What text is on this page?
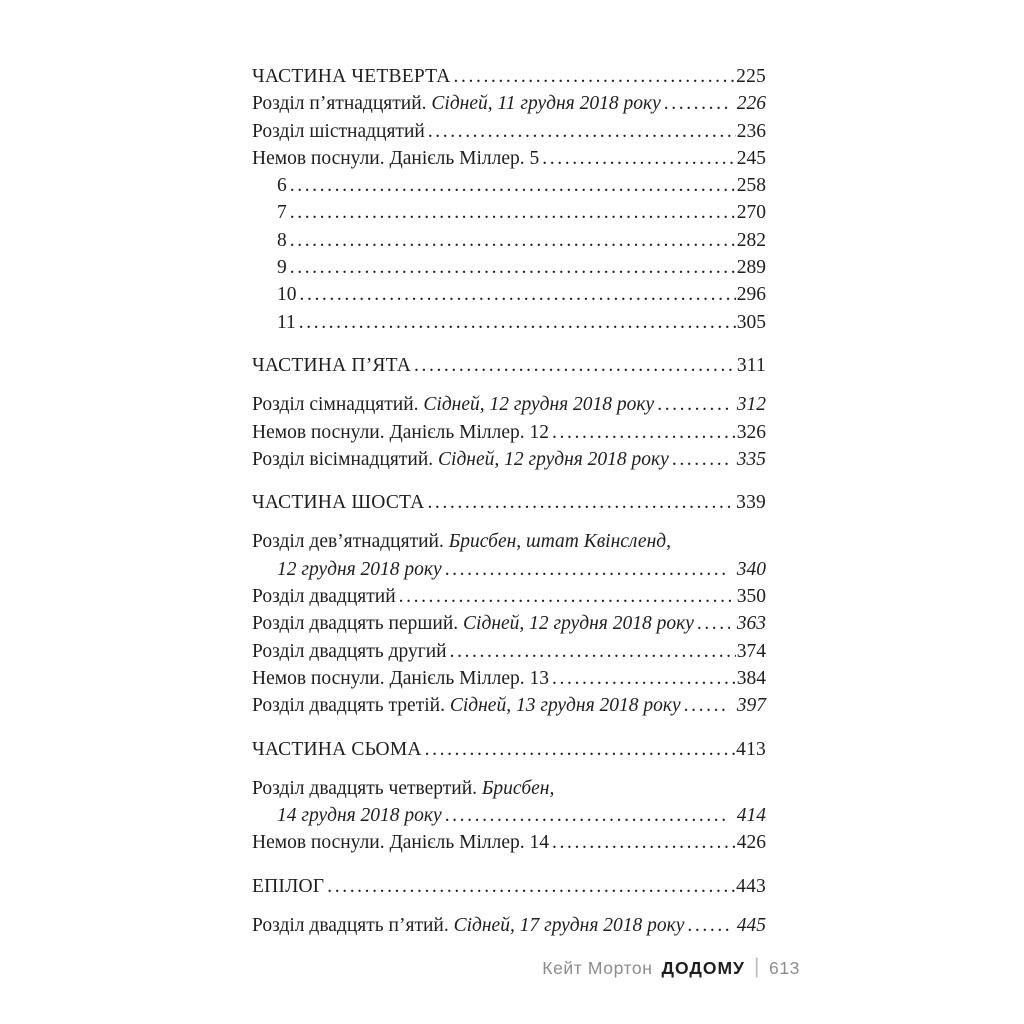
ЧАСТИНА ЧЕТВЕРТА .....	225
Розділ п’ятнадцятий. Сідней, 11 грудня 2018 року .....	226
Розділ шістнадцятий .....	236
Немов поснули. Данієль Міллер. 5 .....	245
6 .....	258
7 .....	270
8 .....	282
9 .....	289
10 .....	296
11 .....	305
ЧАСТИНА П’ЯТА .....	311
Розділ сімнадцятий. Сідней, 12 грудня 2018 року .....	312
Немов поснули. Данієль Міллер. 12 .....	326
Розділ вісімнадцятий. Сідней, 12 грудня 2018 року .....	335
ЧАСТИНА ШОСТА .....	339
Розділ дев’ятнадцятий. Брисбен, штат Квінсленд,
12 грудня 2018 року .....	340
Розділ двадцятий .....	350
Розділ двадцять перший. Сідней, 12 грудня 2018 року ..... 363
Розділ двадцять другий .....	374
Немов поснули. Данієль Міллер. 13 .....	384
Розділ двадцять третій. Сідней, 13 грудня 2018 року .....	397
ЧАСТИНА СЬОМА .....	413
Розділ двадцять четвертий. Брисбен,
14 грудня 2018 року .....	414
Немов поснули. Данієль Міллер. 14 .....	426
ЕПІЛОГ .....	443
Розділ двадцять п’ятий. Сідней, 17 грудня 2018 року .....	445
Кейт Мортон ДОДОМУ | 613
